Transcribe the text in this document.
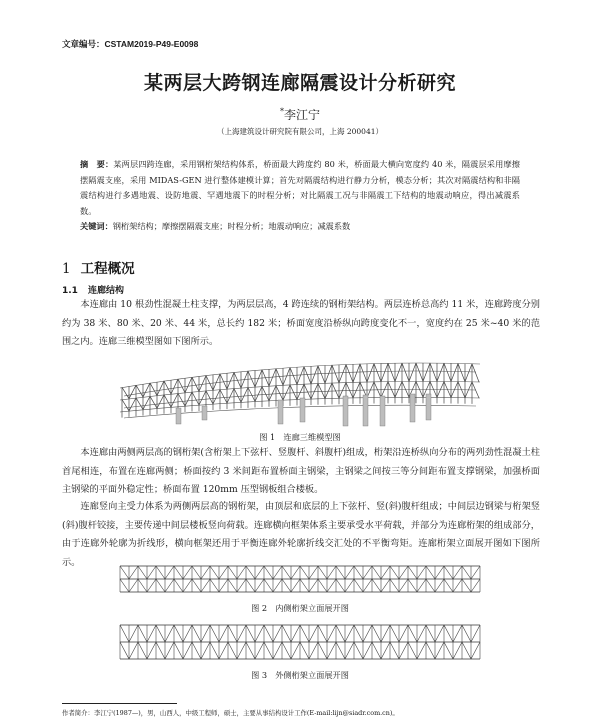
文章编号：CSTAM2019-P49-E0098
某两层大跨钢连廊隔震设计分析研究
*李江宁
（上海建筑设计研究院有限公司，上海 200041）
摘　要：某两层四跨连廊，采用钢桁架结构体系，桥面最大跨度约 80 米，桥面最大横向宽度约 40 米，隔震层采用摩擦摆隔震支座，采用 MIDAS-GEN 进行整体建模计算；首先对隔震结构进行静力分析，模态分析；其次对隔震结构和非隔震结构进行多遇地震、设防地震、罕遇地震下的时程分析；对比隔震工况与非隔震工下结构的地震动响应，得出减震系数。
关键词：钢桁架结构；摩擦摆隔震支座；时程分析；地震动响应；减震系数
1 工程概况
1.1 连廊结构
本连廊由 10 根劲性混凝土柱支撑，为两层层高，4 跨连续的钢桁架结构。两层连桥总高约 11 米，连廊跨度分别约为 38 米、80 米、20 米、44 米，总长约 182 米；桥面宽度沿桥纵向跨度变化不一，宽度约在 25 米~40 米的范围之内。连廊三维模型图如下图所示。
图 1　连廊三维模型图
本连廊由两侧两层高的钢桁架(含桁架上下弦杆、竖腹杆、斜腹杆)组成，桁架沿连桥纵向分布的两列劲性混凝土柱首尾相连，布置在连廊两侧；桥面按约 3 米间距布置桥面主钢梁，主钢梁之间按三等分间距布置支撑钢梁，加强桥面主钢梁的平面外稳定性；桥面布置 120mm 压型钢板组合楼板。
连廊竖向主受力体系为两侧两层高的钢桁架，由顶层和底层的上下弦杆、竖(斜)腹杆组成；中间层边钢梁与桁架竖(斜)腹杆铰接，主要传递中间层楼板竖向荷载。连廊横向框架体系主要承受水平荷载，并部分为连廊桁架的组成部分，由于连廊外轮廓为折线形，横向框架还用于平衡连廊外轮廓折线交汇处的不平衡弯矩。连廊桁架立面展开图如下图所示。
图 2　内侧桁架立面展开图
图 3　外侧桁架立面展开图
作者简介：李江宁(1987—)，男，山西人，中级工程师，硕士，主要从事结构设计工作(E-mail:lijn@siadr.com.cn)。
